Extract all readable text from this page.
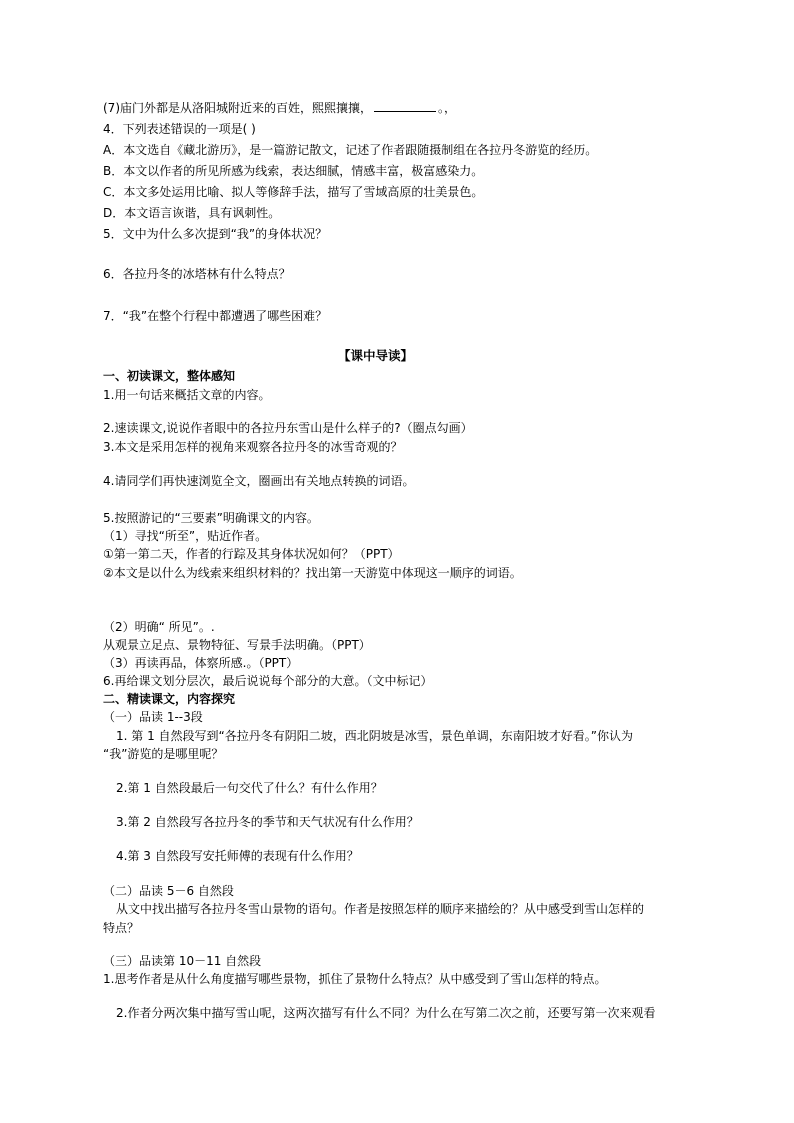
(7)庙门外都是从洛阳城附近来的百姓，熙熙攘攘，	。，
4．下列表述错误的一项是( )
A．本文选自《藏北游历》，是一篇游记散文，记述了作者跟随摄制组在各拉丹冬游览的经历。
B．本文以作者的所见所感为线索，表达细腻，情感丰富，极富感染力。
C．本文多处运用比喻、拟人等修辞手法，描写了雪域高原的壮美景色。
D．本文语言诙谐，具有讽刺性。
5．文中为什么多次提到“我”的身体状况？
6．各拉丹冬的冰塔林有什么特点？
7．“我”在整个行程中都遭遇了哪些困难？
【课中导读】
一、初读课文，整体感知
1.用一句话来概括文章的内容。
2.速读课文,说说作者眼中的各拉丹东雪山是什么样子的?（圈点勾画）
3.本文是采用怎样的视角来观察各拉丹冬的冰雪奇观的？
4.请同学们再快速浏览全文，圈画出有关地点转换的词语。
5.按照游记的“三要素”明确课文的内容。
（1）寻找“所至”，贴近作者。
①第一第二天，作者的行踪及其身体状况如何？（PPT）
②本文是以什么为线索来组织材料的？找出第一天游览中体现这一顺序的词语。
（2）明确“ 所见”。.
从观景立足点、景物特征、写景手法明确。（PPT）
（3）再读再品，体察所感.。（PPT）
6.再给课文划分层次，最后说说每个部分的大意。（文中标记）
二、精读课文，内容探究
（一）品读 1--3段
1. 第 1 自然段写到“各拉丹冬有阴阳二坡，西北阴坡是冰雪，景色单调，东南阳坡才好看。”你认为
“我”游览的是哪里呢？
2.第 1 自然段最后一句交代了什么？有什么作用？
3.第 2 自然段写各拉丹冬的季节和天气状况有什么作用？
4.第 3 自然段写安托师傅的表现有什么作用？
（二）品读 5－6 自然段
从文中找出描写各拉丹冬雪山景物的语句。作者是按照怎样的顺序来描绘的？从中感受到雪山怎样的
特点？
（三）品读第 10－11 自然段
1.思考作者是从什么角度描写哪些景物，抓住了景物什么特点？从中感受到了雪山怎样的特点。
2.作者分两次集中描写雪山呢，这两次描写有什么不同？为什么在写第二次之前，还要写第一次来观看
